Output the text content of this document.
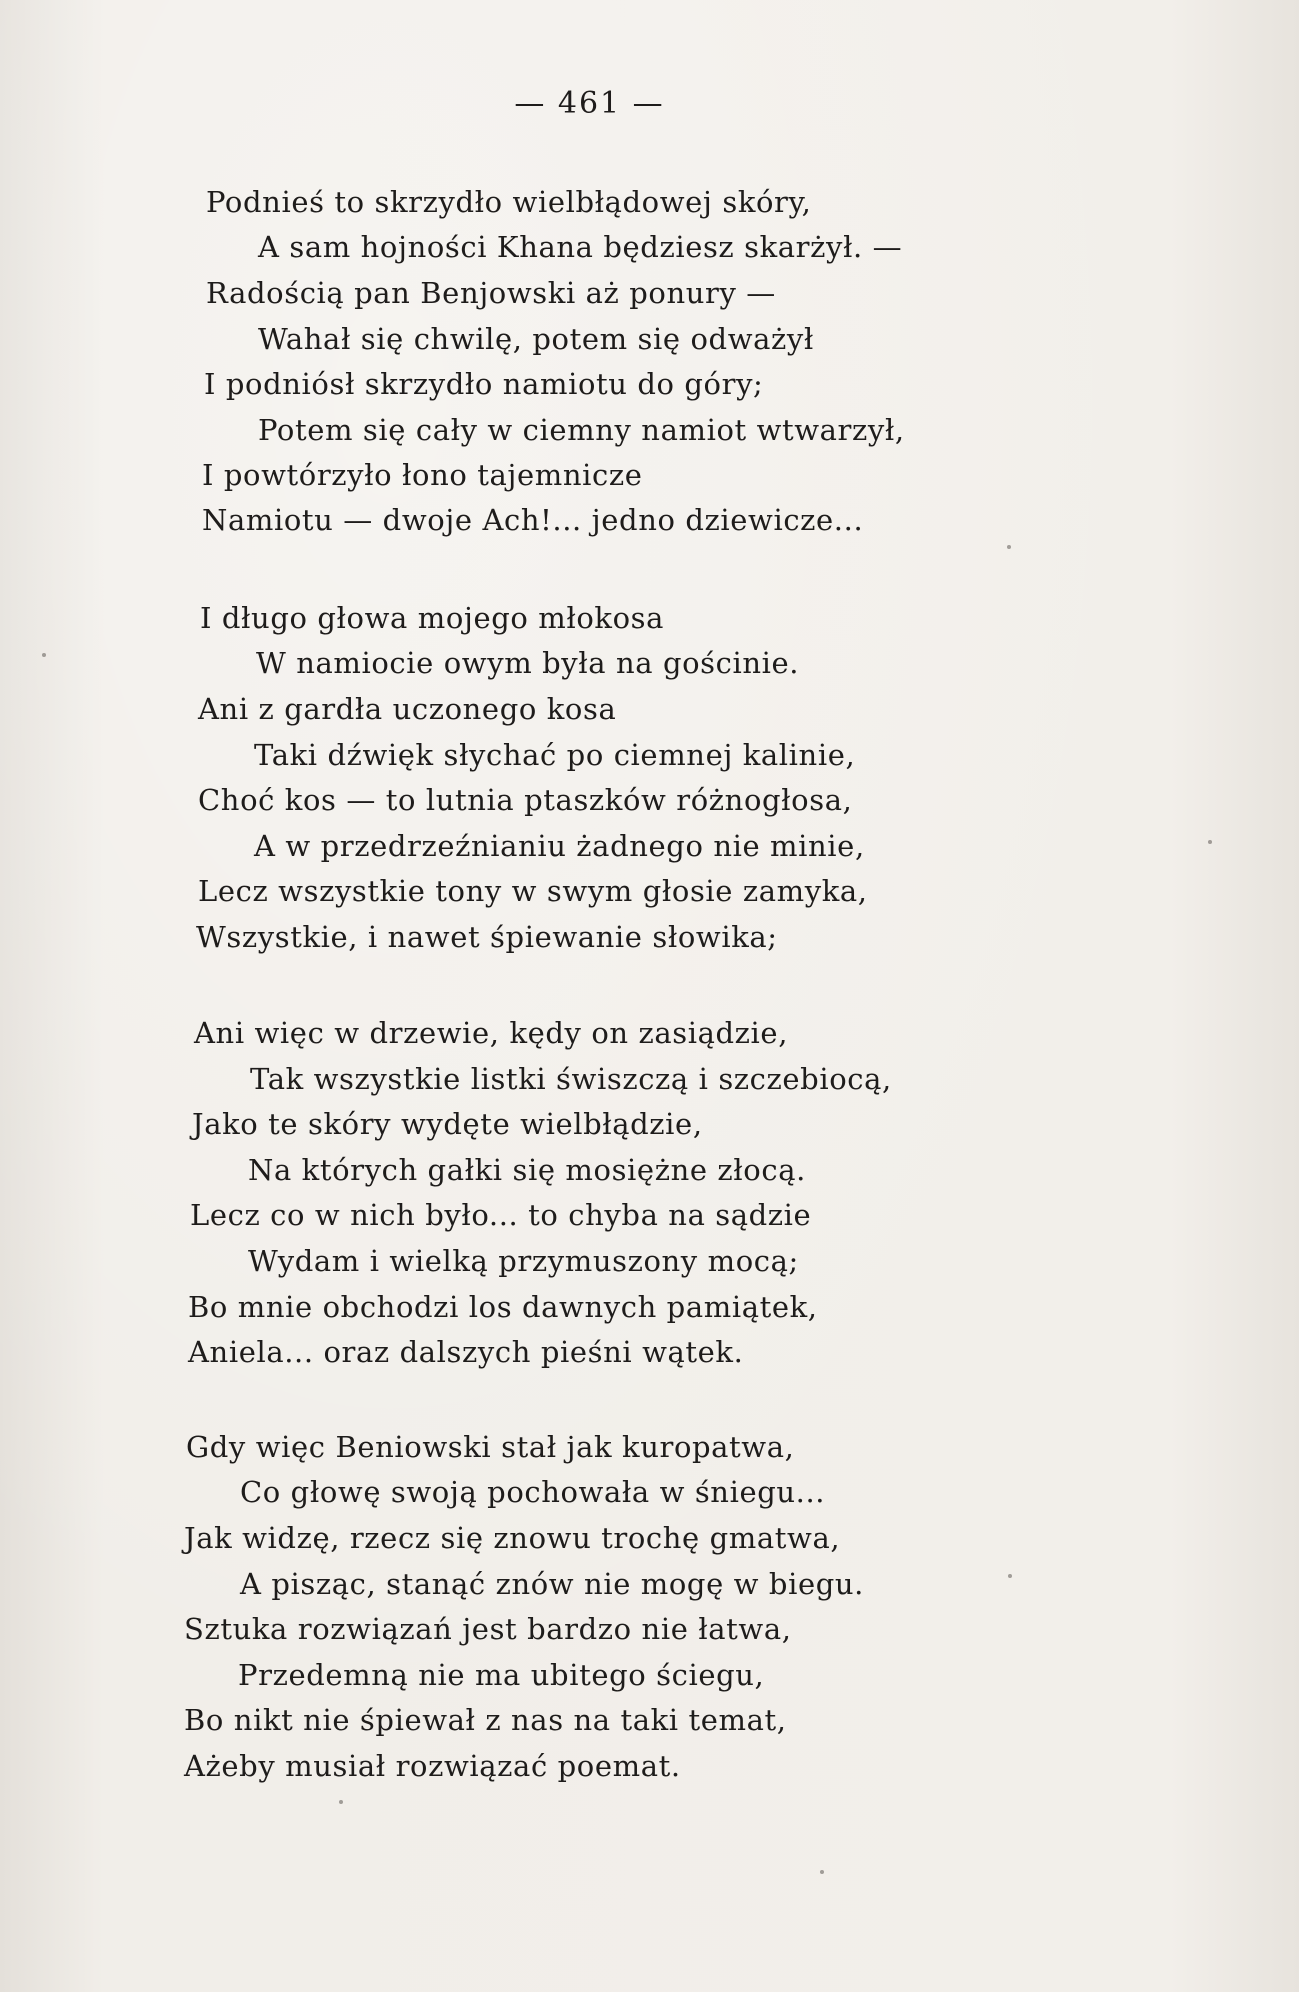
— 461 —
Podnieś to skrzydło wielbłądowej skóry,
A sam hojności Khana będziesz skarżył. —
Radością pan Benjowski aż ponury —
Wahał się chwilę, potem się odważył
I podniósł skrzydło namiotu do góry;
Potem się cały w ciemny namiot wtwarzył,
I powtórzyło łono tajemnicze
Namiotu — dwoje Ach!... jedno dziewicze...
I długo głowa mojego młokosa
W namiocie owym była na gościnie.
Ani z gardła uczonego kosa
Taki dźwięk słychać po ciemnej kalinie,
Choć kos — to lutnia ptaszków różnogłosa,
A w przedrzeźnianiu żadnego nie minie,
Lecz wszystkie tony w swym głosie zamyka,
Wszystkie, i nawet śpiewanie słowika;
Ani więc w drzewie, kędy on zasiądzie,
Tak wszystkie listki świszczą i szczebiocą,
Jako te skóry wydęte wielbłądzie,
Na których gałki się mosiężne złocą.
Lecz co w nich było... to chyba na sądzie
Wydam i wielką przymuszony mocą;
Bo mnie obchodzi los dawnych pamiątek,
Aniela... oraz dalszych pieśni wątek.
Gdy więc Beniowski stał jak kuropatwa,
Co głowę swoją pochowała w śniegu...
Jak widzę, rzecz się znowu trochę gmatwa,
A pisząc, stanąć znów nie mogę w biegu.
Sztuka rozwiązań jest bardzo nie łatwa,
Przedemną nie ma ubitego ściegu,
Bo nikt nie śpiewał z nas na taki temat,
Ażeby musiał rozwiązać poemat.
